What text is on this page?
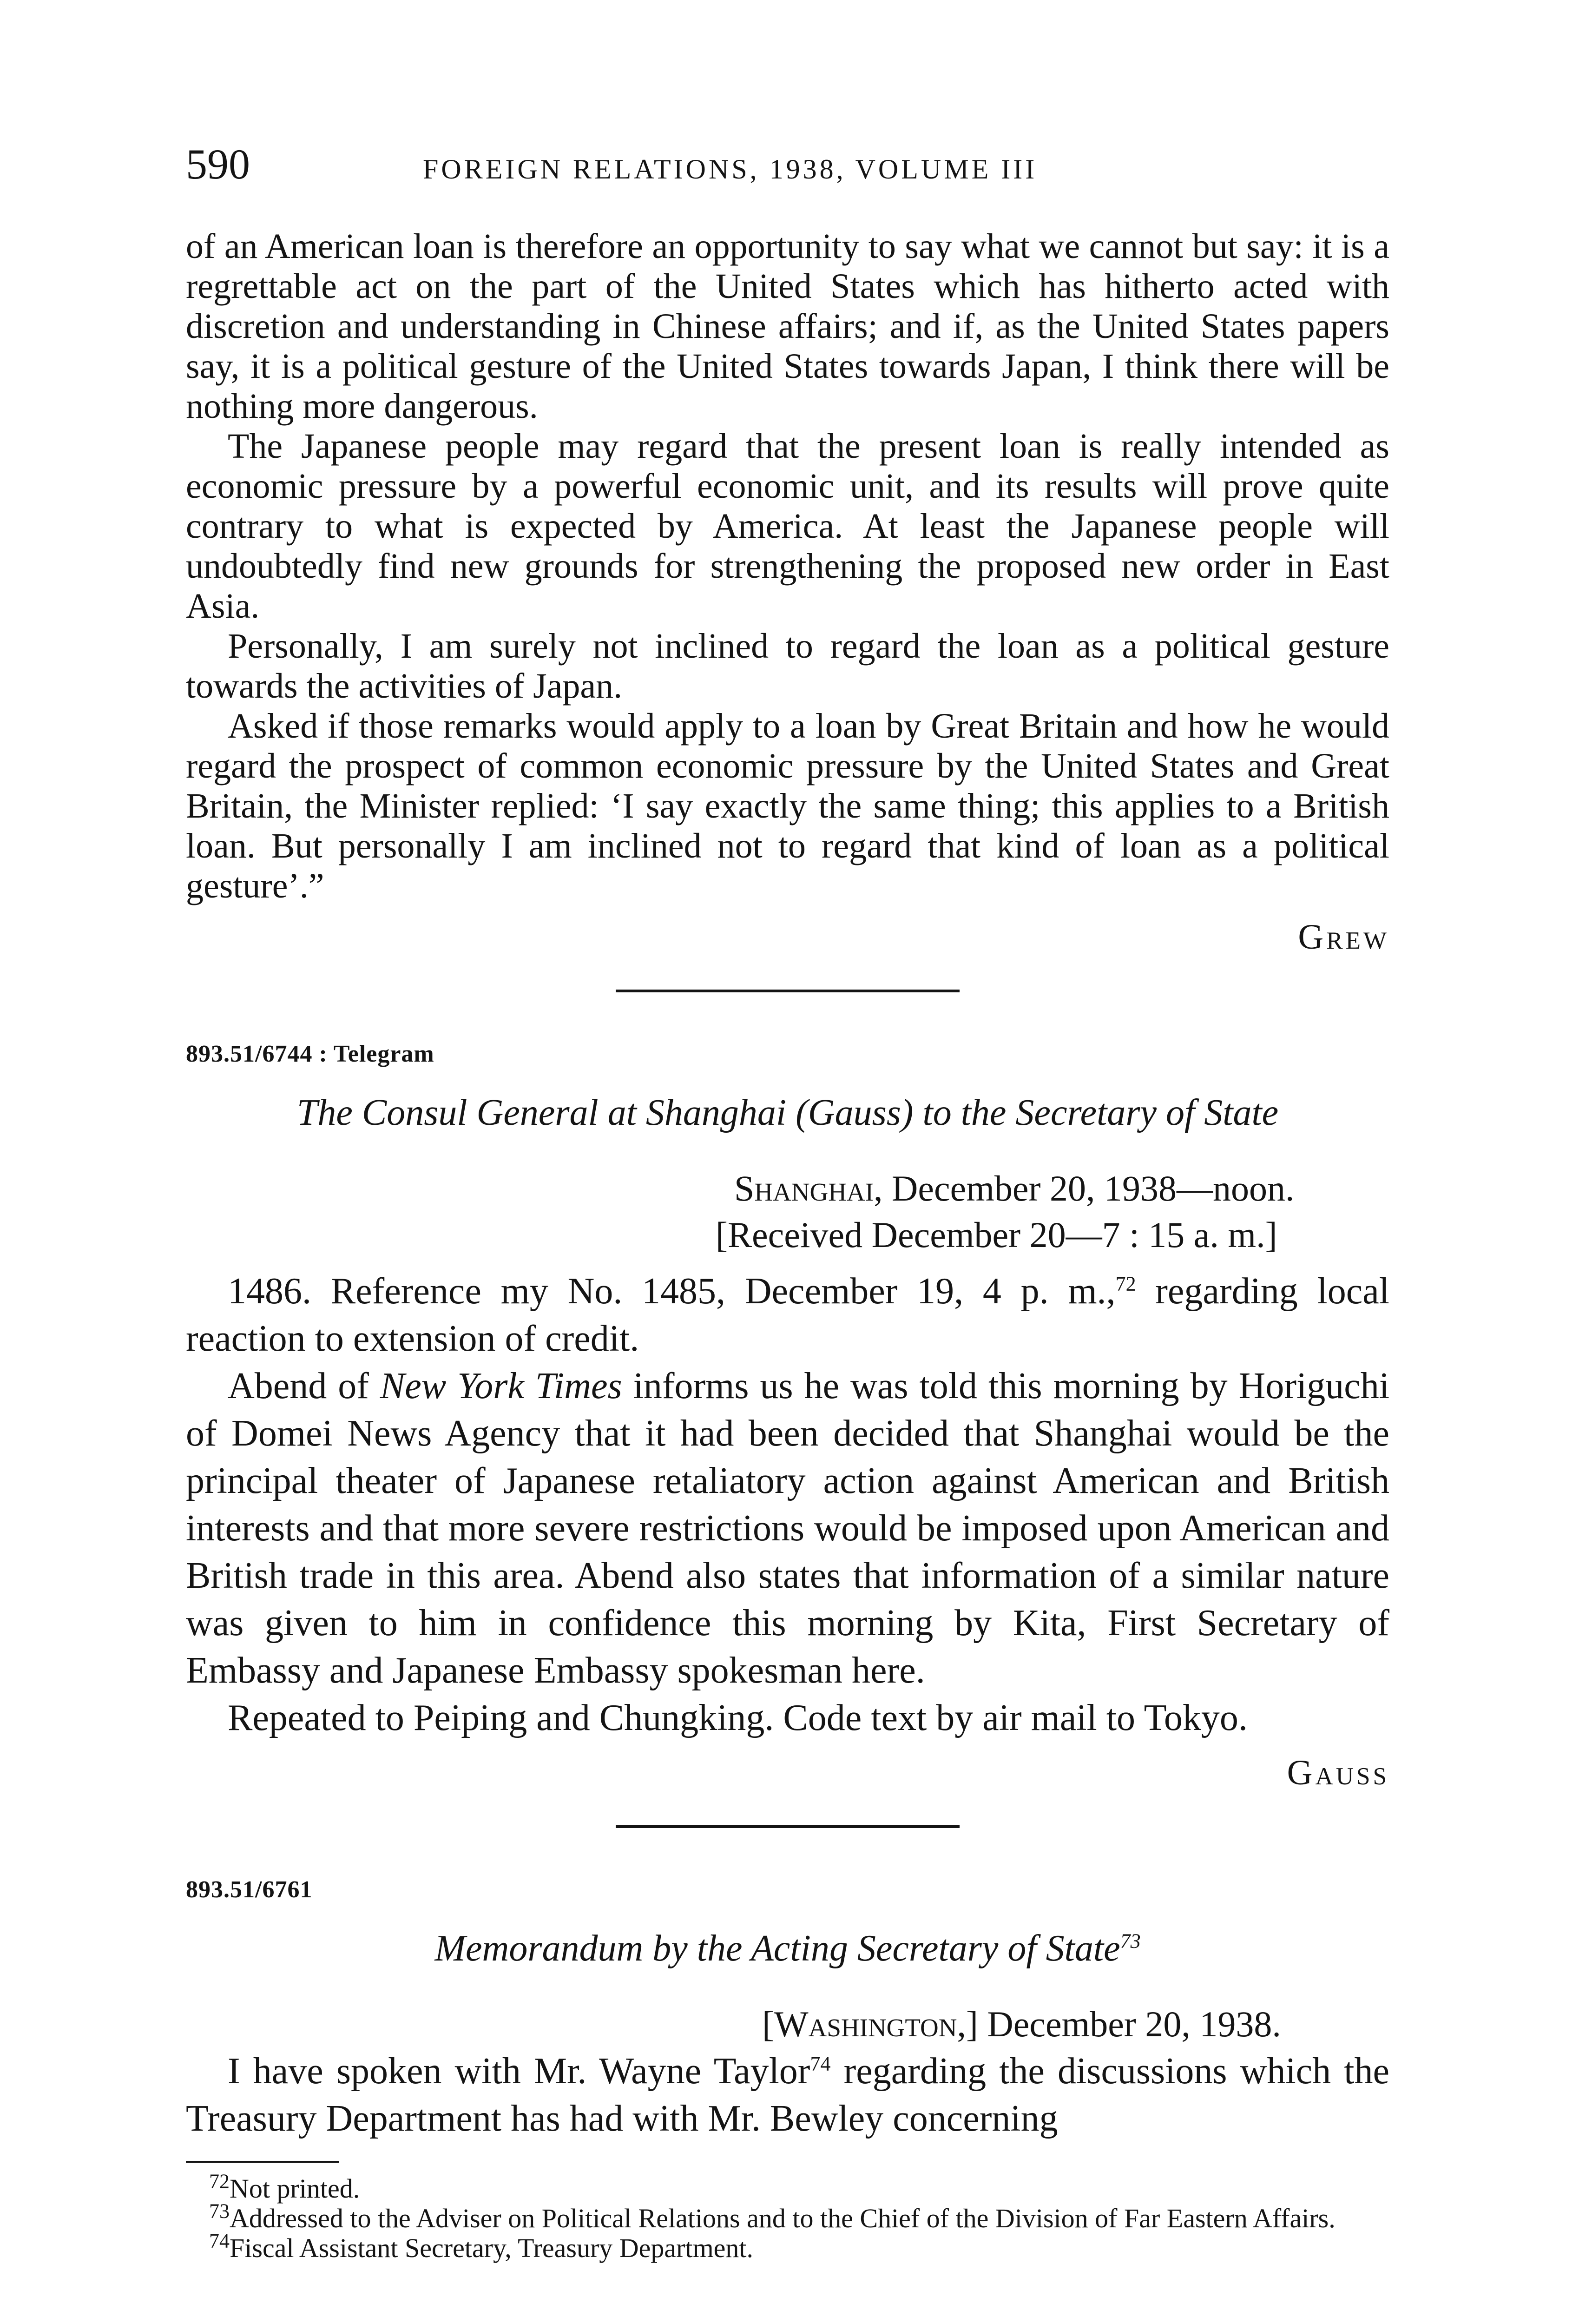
590	FOREIGN RELATIONS, 1938, VOLUME III

of an American loan is therefore an opportunity to say what we cannot but say: it is a regrettable act on the part of the United States which has hitherto acted with discretion and understanding in Chinese affairs; and if, as the United States papers say, it is a political gesture of the United States towards Japan, I think there will be nothing more dangerous.

The Japanese people may regard that the present loan is really intended as economic pressure by a powerful economic unit, and its results will prove quite contrary to what is expected by America. At least the Japanese people will undoubtedly find new grounds for strengthening the proposed new order in East Asia.

Personally, I am surely not inclined to regard the loan as a political gesture towards the activities of Japan.

Asked if those remarks would apply to a loan by Great Britain and how he would regard the prospect of common economic pressure by the United States and Great Britain, the Minister replied: ‘I say exactly the same thing; this applies to a British loan. But personally I am inclined not to regard that kind of loan as a political gesture’.”

Grew
893.51/6744 : Telegram
The Consul General at Shanghai (Gauss) to the Secretary of State
Shanghai, December 20, 1938—noon.
[Received December 20—7 : 15 a. m.]

1486. Reference my No. 1485, December 19, 4 p. m.,$^{72}$ regarding local reaction to extension of credit.

Abend of New York Times informs us he was told this morning by Horiguchi of Domei News Agency that it had been decided that Shanghai would be the principal theater of Japanese retaliatory action against American and British interests and that more severe restrictions would be imposed upon American and British trade in this area. Abend also states that information of a similar nature was given to him in confidence this morning by Kita, First Secretary of Embassy and Japanese Embassy spokesman here.

Repeated to Peiping and Chungking. Code text by air mail to Tokyo.

Gauss
893.51/6761
Memorandum by the Acting Secretary of State$^{73}$
[Washington,] December 20, 1938.

I have spoken with Mr. Wayne Taylor$^{74}$ regarding the discussions which the Treasury Department has had with Mr. Bewley concerning

$^{72}$Not printed.

$^{73}$Addressed to the Adviser on Political Relations and to the Chief of the Division of Far Eastern Affairs.

$^{74}$Fiscal Assistant Secretary, Treasury Department.
